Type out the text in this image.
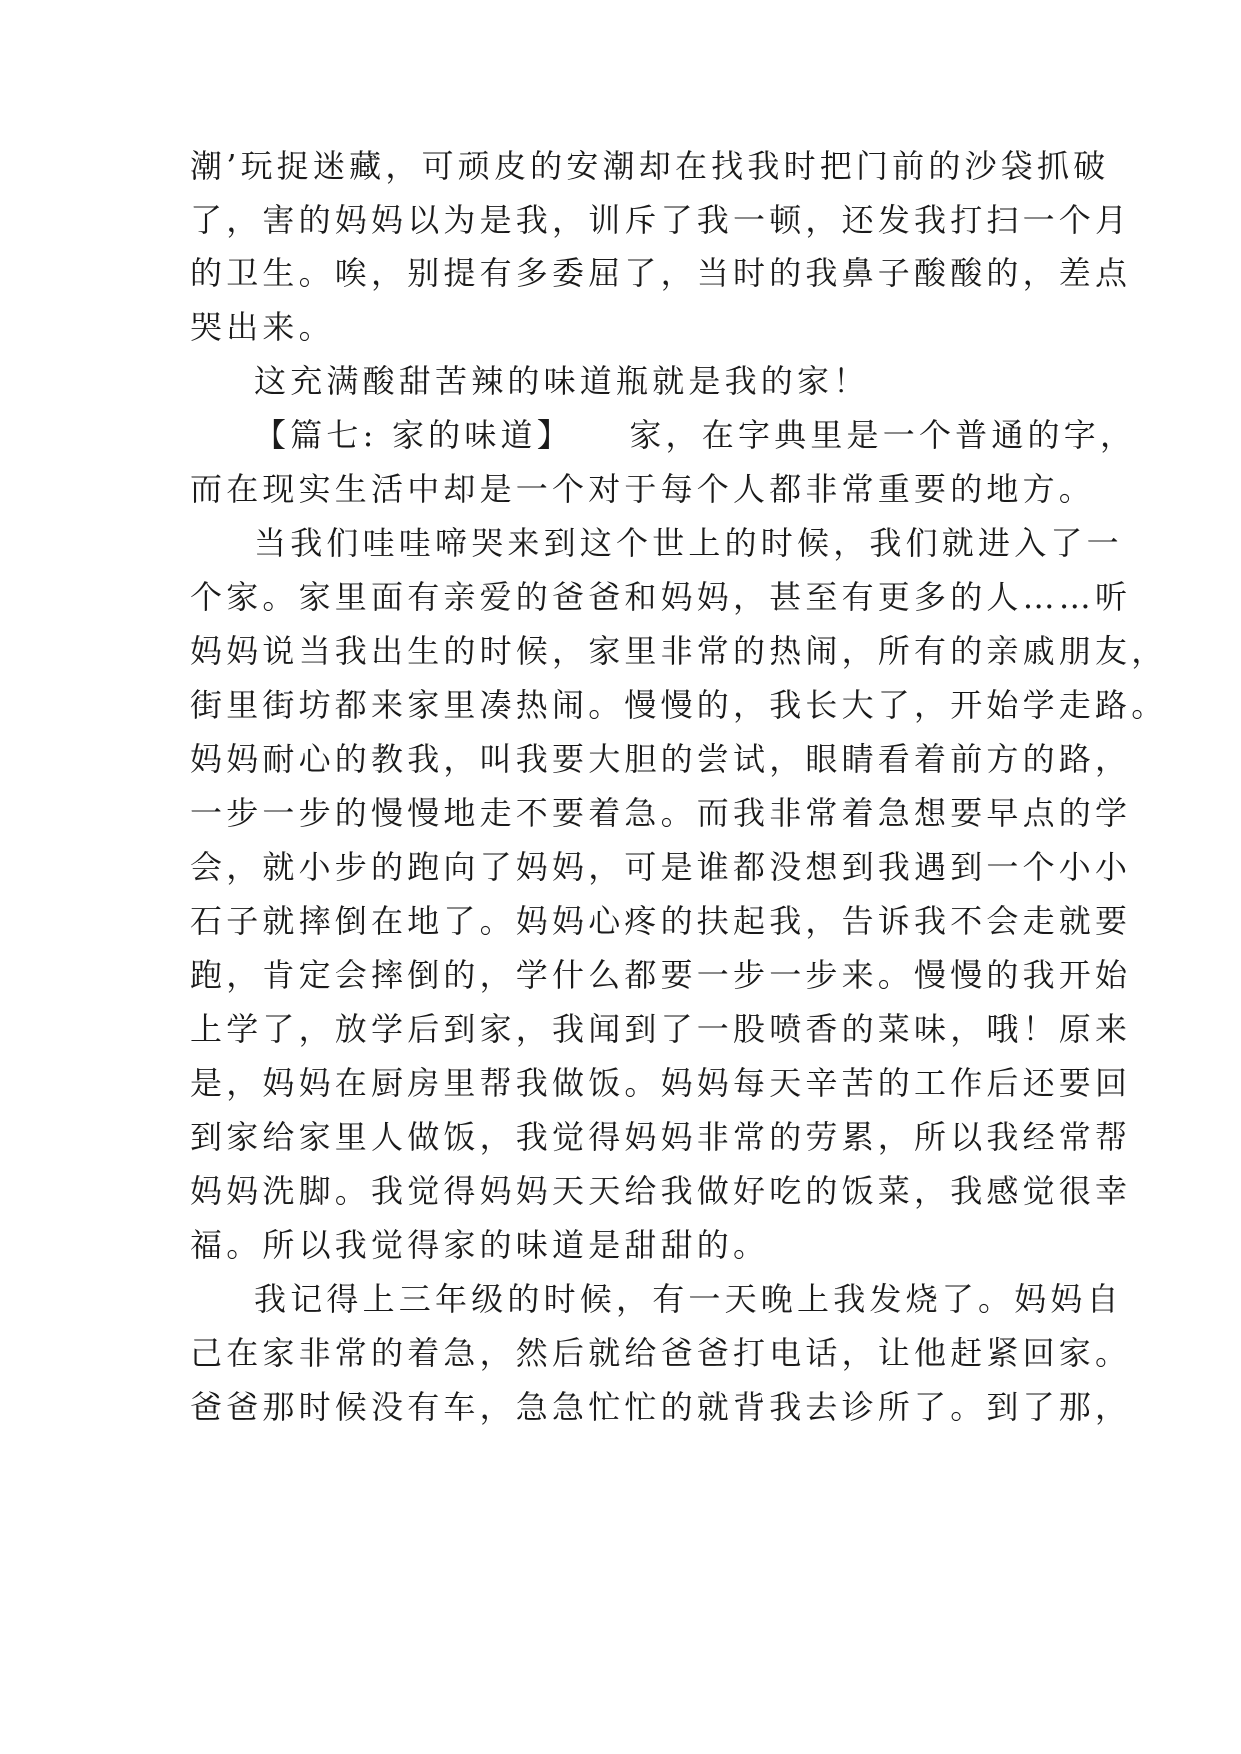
潮’玩捉迷藏，可顽皮的安潮却在找我时把门前的沙袋抓破
了，害的妈妈以为是我，训斥了我一顿，还发我打扫一个月
的卫生。唉，别提有多委屈了，当时的我鼻子酸酸的，差点
哭出来。
这充满酸甜苦辣的味道瓶就是我的家！
【篇七: 家的味道】　　家，在字典里是一个普通的字，
而在现实生活中却是一个对于每个人都非常重要的地方。
当我们哇哇啼哭来到这个世上的时候，我们就进入了一
个家。家里面有亲爱的爸爸和妈妈，甚至有更多的人……听
妈妈说当我出生的时候，家里非常的热闹，所有的亲戚朋友，
街里街坊都来家里凑热闹。慢慢的，我长大了，开始学走路。
妈妈耐心的教我，叫我要大胆的尝试，眼睛看着前方的路，
一步一步的慢慢地走不要着急。而我非常着急想要早点的学
会，就小步的跑向了妈妈，可是谁都没想到我遇到一个小小
石子就摔倒在地了。妈妈心疼的扶起我，告诉我不会走就要
跑，肯定会摔倒的，学什么都要一步一步来。慢慢的我开始
上学了，放学后到家，我闻到了一股喷香的菜味，哦！原来
是，妈妈在厨房里帮我做饭。妈妈每天辛苦的工作后还要回
到家给家里人做饭，我觉得妈妈非常的劳累，所以我经常帮
妈妈洗脚。我觉得妈妈天天给我做好吃的饭菜，我感觉很幸
福。所以我觉得家的味道是甜甜的。
我记得上三年级的时候，有一天晚上我发烧了。妈妈自
己在家非常的着急，然后就给爸爸打电话，让他赶紧回家。
爸爸那时候没有车，急急忙忙的就背我去诊所了。到了那，
